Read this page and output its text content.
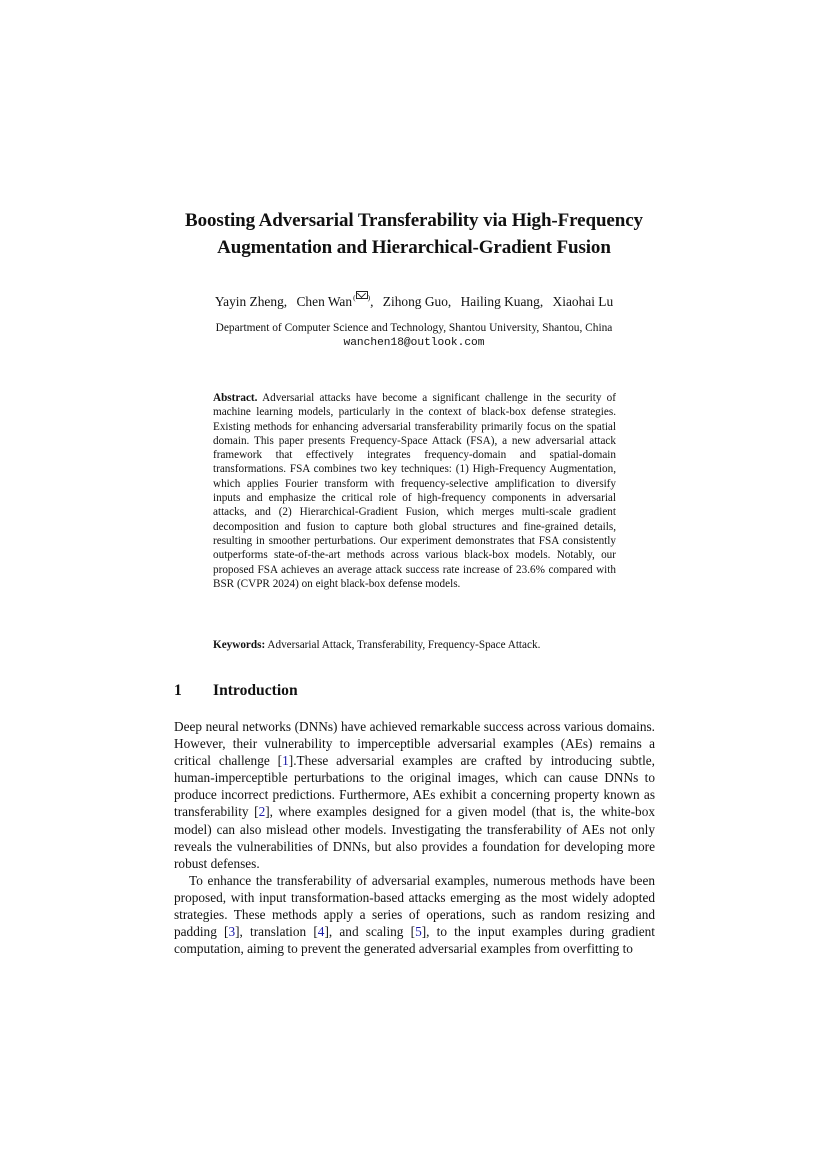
Boosting Adversarial Transferability via High-Frequency
Augmentation and Hierarchical-Gradient Fusion
Yayin Zheng, Chen Wan( ), Zihong Guo, Hailing Kuang, Xiaohai Lu
Department of Computer Science and Technology, Shantou University, Shantou, China
wanchen18@outlook.com
Abstract. Adversarial attacks have become a significant challenge in the security of machine learning models, particularly in the context of black-box defense strategies. Existing methods for enhancing adversarial transferability primarily focus on the spatial domain. This paper presents Frequency-Space Attack (FSA), a new adversarial attack framework that effectively integrates frequency-domain and spatial-domain transformations. FSA combines two key techniques: (1) High-Frequency Augmentation, which applies Fourier transform with frequency-selective amplification to diversify inputs and emphasize the critical role of high-frequency components in adversarial attacks, and (2) Hierarchical-Gradient Fusion, which merges multi-scale gradient decomposition and fusion to capture both global structures and fine-grained details, resulting in smoother perturbations. Our experiment demonstrates that FSA consistently outperforms state-of-the-art methods across various black-box models. Notably, our proposed FSA achieves an average attack success rate increase of 23.6% compared with BSR (CVPR 2024) on eight black-box defense models.
Keywords: Adversarial Attack, Transferability, Frequency-Space Attack.
1 Introduction

Deep neural networks (DNNs) have achieved remarkable success across various domains. However, their vulnerability to imperceptible adversarial examples (AEs) remains a critical challenge [1].These adversarial examples are crafted by introducing subtle, human-imperceptible perturbations to the original images, which can cause DNNs to produce incorrect predictions. Furthermore, AEs exhibit a concerning property known as transferability [2], where examples designed for a given model (that is, the white-box model) can also mislead other models. Investigating the transferability of AEs not only reveals the vulnerabilities of DNNs, but also provides a foundation for developing more robust defenses.

To enhance the transferability of adversarial examples, numerous methods have been proposed, with input transformation-based attacks emerging as the most widely adopted strategies. These methods apply a series of operations, such as random resizing and padding [3], translation [4], and scaling [5], to the input examples during gradient computation, aiming to prevent the generated adversarial examples from overfitting to
